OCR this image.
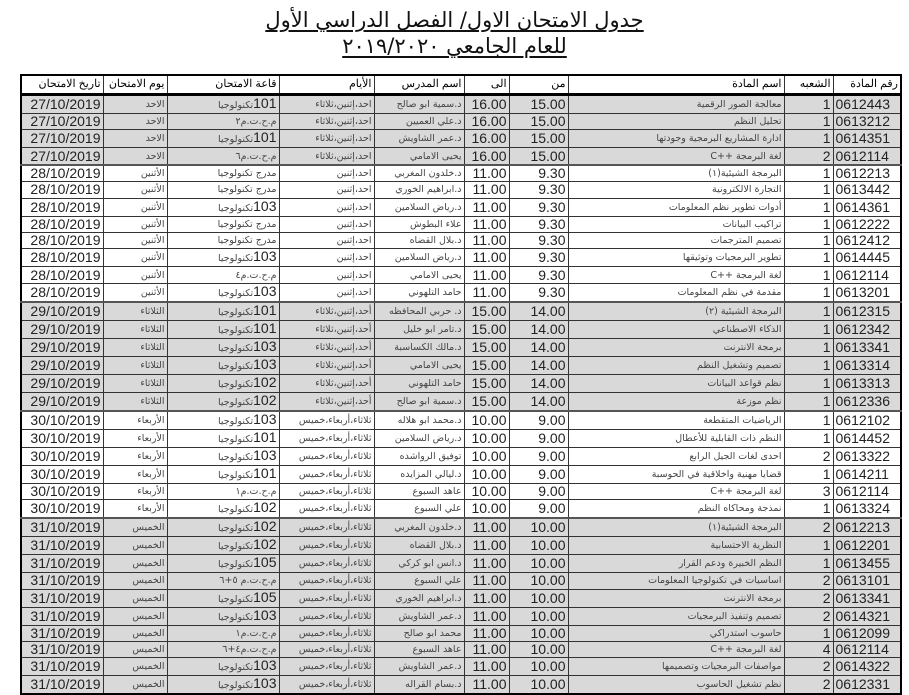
جدول الامتحان الاول/ الفصل الدراسي الأول
للعام الجامعي ٢٠١٩/٢٠٢٠
تاريخ الامتحان	يوم الامتحان	قاعة الامتحان	الأيام	اسم المدرس	الى	من	اسم المادة	الشعبه	رقم المادة
27/10/2019	الاحد	101تكنولوجيا	احد،إثنين،ثلاثاء	د.سمية ابو صالح	16.00	15.00	معالجة الصور الرقمية	1	0612443
27/10/2019	الاحد	م.ح.ت.م٢	احد،إثنين،ثلاثاء	د.علي العميين	16.00	15.00	تحليل النظم	1	0613212
27/10/2019	الاحد	101تكنولوجيا	احد،إثنين،ثلاثاء	د.عمر الشاويش	16.00	15.00	ادارة المشاريع البرمجية وجودتها	1	0614351
27/10/2019	الاحد	م.ح.ت.م٦	احد،إثنين،ثلاثاء	يحيى الامامي	16.00	15.00	لغة البرمجة ++C	2	0612114
28/10/2019	الأثنين	مدرج تكنولوجيا	احد،إثنين	د.خلدون المغربي	11.00	9.30	البرمجة الشيئية(١)	1	0612213
28/10/2019	الأثنين	مدرج تكنولوجيا	احد،إثنين	د.ابراهيم الخوري	11.00	9.30	التجارة الالكترونية	1	0613442
28/10/2019	الأثنين	103تكنولوجيا	احد،إثنين	د.رياض السلامين	11.00	9.30	أدوات تطوير نظم المعلومات	1	0614361
28/10/2019	الأثنين	مدرج تكنولوجيا	احد،إثنين	علاء البطوش	11.00	9.30	تراكيب البيانات	1	0612222
28/10/2019	الأثنين	مدرج تكنولوجيا	احد،إثنين	د.بلال القضاه	11.00	9.30	تصميم المترجمات	1	0612412
28/10/2019	الأثنين	103تكنولوجيا	احد،إثنين	د.رياض السلامين	11.00	9.30	تطوير البرمجيات وتوثيقها	1	0614445
28/10/2019	الأثنين	م.ح.ت.م٤	احد،إثنين	يحيى الامامي	11.00	9.30	لغة البرمجة ++C	1	0612114
28/10/2019	الأثنين	103تكنولوجيا	احد،إثنين	حامد التلهوني	11.00	9.30	مقدمة في نظم المعلومات	1	0613201
29/10/2019	الثلاثاء	101تكنولوجيا	أحد،إثنين،ثلاثاء	د. حربي المحافظه	15.00	14.00	البرمجة الشيئية (٢)	1	0612315
29/10/2019	الثلاثاء	101تكنولوجيا	أحد،إثنين،ثلاثاء	د.تامر ابو خليل	15.00	14.00	الذكاء الاصطناعي	1	0612342
29/10/2019	الثلاثاء	103تكنولوجيا	أحد،إثنين،ثلاثاء	د.مالك الكساسبة	15.00	14.00	برمجة الانترنت	1	0613341
29/10/2019	الثلاثاء	103تكنولوجيا	أحد،إثنين،ثلاثاء	يحيى الامامي	15.00	14.00	تصميم وتشغيل النظم	1	0613314
29/10/2019	الثلاثاء	102تكنولوجيا	أحد،إثنين،ثلاثاء	حامد التلهوني	15.00	14.00	نظم قواعد البيانات	1	0613313
29/10/2019	الثلاثاء	102تكنولوجيا	أحد،إثنين،ثلاثاء	د.سمية ابو صالح	15.00	14.00	نظم موزعة	1	0612336
30/10/2019	الأربعاء	103تكنولوجيا	ثلاثاء،أربعاء،خميس	د.محمد ابو هلاله	10.00	9.00	الرياضيات المتقطعة	1	0612102
30/10/2019	الأربعاء	101تكنولوجيا	ثلاثاء،أربعاء،خميس	د.رياض السلامين	10.00	9.00	النظم ذات القابلية للأعطال	1	0614452
30/10/2019	الأربعاء	103تكنولوجيا	ثلاثاء،أربعاء،خميس	توفيق الرواشده	10.00	9.00	احدى لغات الجيل الرابع	2	0613322
30/10/2019	الأربعاء	101تكنولوجيا	ثلاثاء،أربعاء،خميس	د.ليالي المزايده	10.00	9.00	قضايا مهنية واخلاقية في الحوسبة	1	0614211
30/10/2019	الأربعاء	م.ح.ت.م١	ثلاثاء،أربعاء،خميس	عاهد السبوع	10.00	9.00	لغة البرمجة ++C	3	0612114
30/10/2019	الأربعاء	102تكنولوجيا	ثلاثاء،أربعاء،خميس	علي السبوع	10.00	9.00	نمذجة ومحاكاه النظم	1	0613324
31/10/2019	الخميس	102تكنولوجيا	ثلاثاء،أربعاء،خميس	د.خلدون المغربي	11.00	10.00	البرمجة الشيئية(١)	2	0612213
31/10/2019	الخميس	102تكنولوجيا	ثلاثاء،أربعاء،خميس	د.بلال القضاه	11.00	10.00	النظرية الاحتسابية	1	0612201
31/10/2019	الخميس	105تكنولوجيا	ثلاثاء،أربعاء،خميس	د.انس ابو كركي	11.00	10.00	النظم الخبيرة ودعم القرار	1	0613455
31/10/2019	الخميس	م.ح.ت.م ٥+٦	ثلاثاء،أربعاء،خميس	علي السبوع	11.00	10.00	اساسيات في تكنولوجيا المعلومات	2	0613101
31/10/2019	الخميس	105تكنولوجيا	ثلاثاء،أربعاء،خميس	د.ابراهيم الخوري	11.00	10.00	برمجة الانترنت	2	0613341
31/10/2019	الخميس	103تكنولوجيا	ثلاثاء،أربعاء،خميس	د.عمر الشاويش	11.00	10.00	تصميم وتنفيذ البرمجيات	2	0614321
31/10/2019	الخميس	م.ح.ت.م١	ثلاثاء،أربعاء،خميس	محمد ابو صالح	11.00	10.00	حاسوب استدراكي	1	0612099
31/10/2019	الخميس	م.ح.ت.م٤+٦	ثلاثاء،أربعاء،خميس	عاهد السبوع	11.00	10.00	لغة البرمجة ++C	4	0612114
31/10/2019	الخميس	103تكنولوجيا	ثلاثاء،أربعاء،خميس	د.عمر الشاويش	11.00	10.00	مواصفات البرمجيات وتصميمها	2	0614322
31/10/2019	الخميس	103تكنولوجيا	ثلاثاء،أربعاء،خميس	د.بسام القراله	11.00	10.00	نظم تشغيل الحاسوب	2	0612331
